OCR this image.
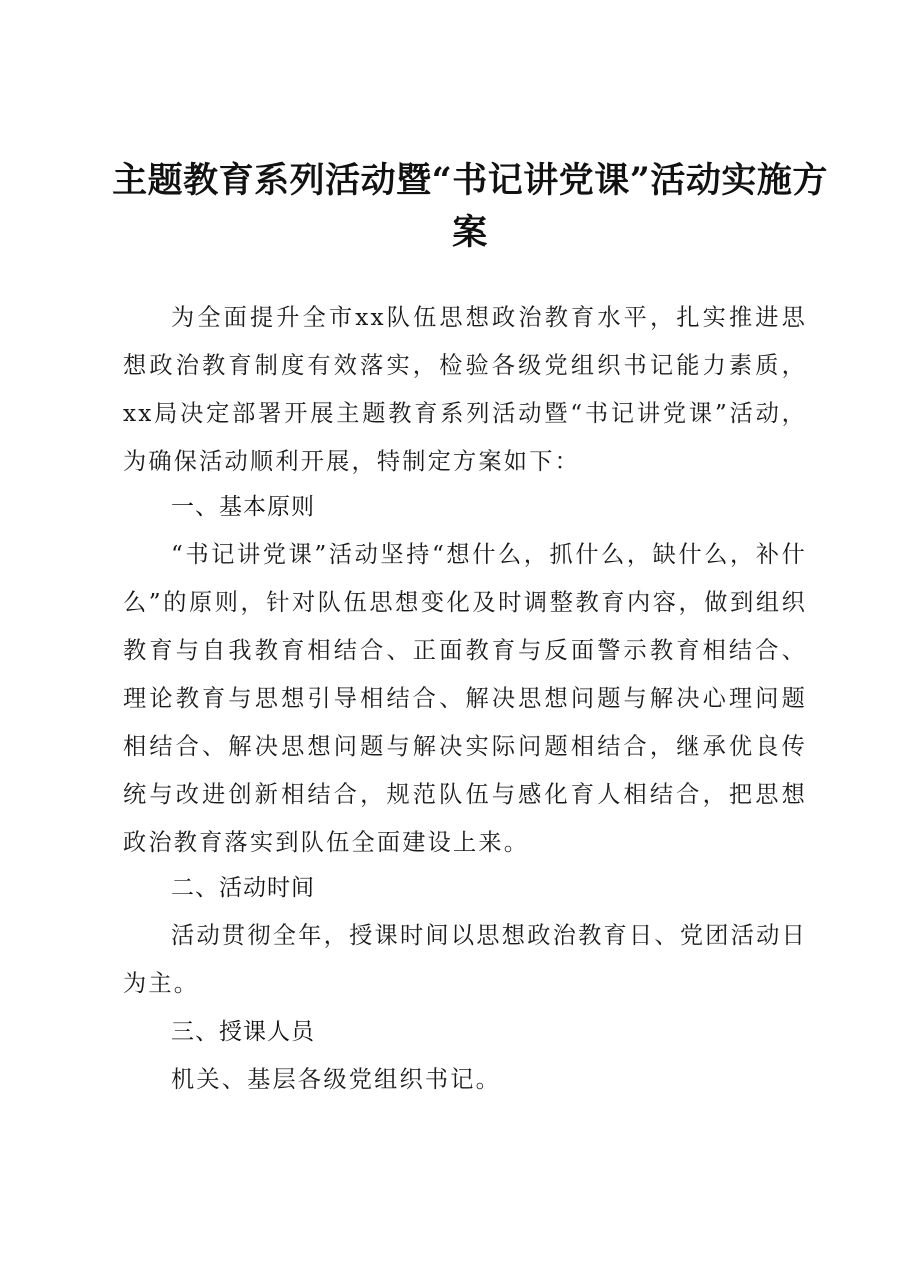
主题教育系列活动暨“书记讲党课”活动实施方案
为全面提升全市xx队伍思想政治教育水平，扎实推进思想政治教育制度有效落实，检验各级党组织书记能力素质，xx局决定部署开展主题教育系列活动暨“书记讲党课”活动，为确保活动顺利开展，特制定方案如下：
一、基本原则
“书记讲党课”活动坚持“想什么，抓什么，缺什么，补什么”的原则，针对队伍思想变化及时调整教育内容，做到组织教育与自我教育相结合、正面教育与反面警示教育相结合、理论教育与思想引导相结合、解决思想问题与解决心理问题相结合、解决思想问题与解决实际问题相结合，继承优良传统与改进创新相结合，规范队伍与感化育人相结合，把思想政治教育落实到队伍全面建设上来。
二、活动时间
活动贯彻全年，授课时间以思想政治教育日、党团活动日为主。
三、授课人员
机关、基层各级党组织书记。
